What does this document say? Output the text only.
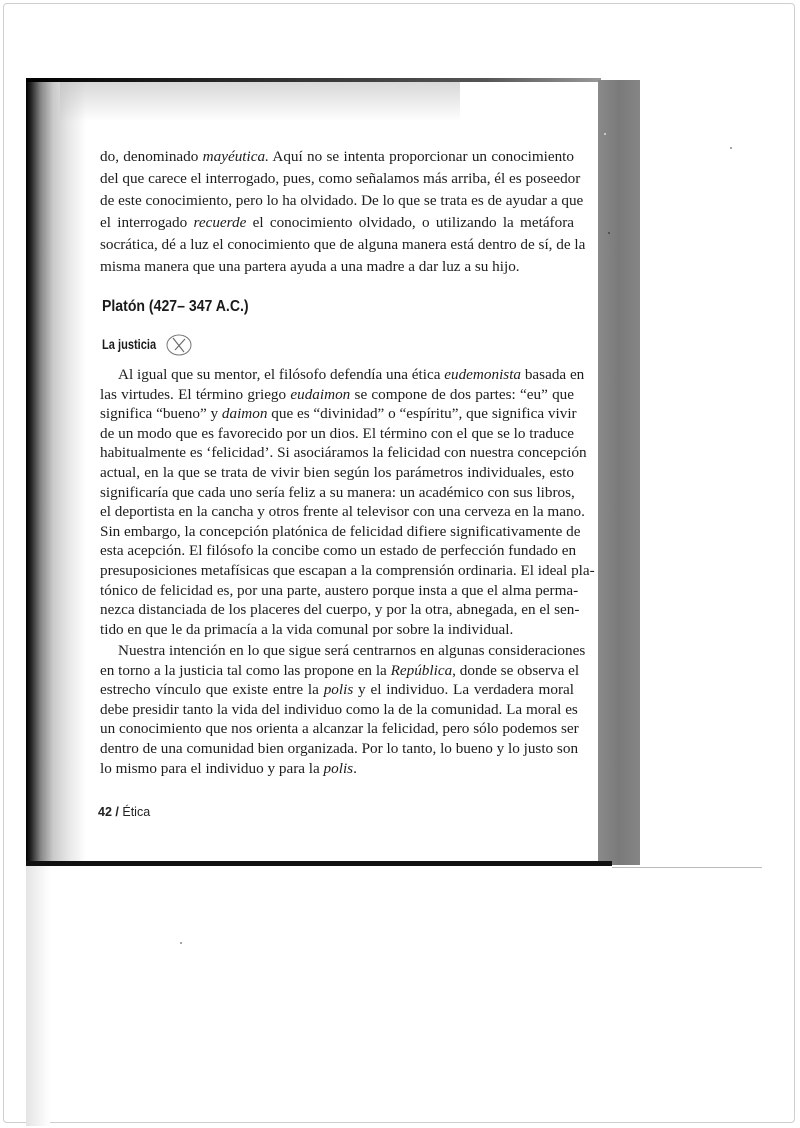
do, denominado mayéutica. Aquí no se intenta proporcionar un conocimiento
del que carece el interrogado, pues, como señalamos más arriba, él es poseedor
de este conocimiento, pero lo ha olvidado. De lo que se trata es de ayudar a que
el interrogado recuerde el conocimiento olvidado, o utilizando la metáfora
socrática, dé a luz el conocimiento que de alguna manera está dentro de sí, de la
misma manera que una partera ayuda a una madre a dar luz a su hijo.
Platón (427– 347 A.C.)
La justicia
Al igual que su mentor, el filósofo defendía una ética eudemonista basada en
las virtudes. El término griego eudaimon se compone de dos partes: “eu” que
significa “bueno” y daimon que es “divinidad” o “espíritu”, que significa vivir
de un modo que es favorecido por un dios. El término con el que se lo traduce
habitualmente es ‘felicidad’. Si asociáramos la felicidad con nuestra concepción
actual, en la que se trata de vivir bien según los parámetros individuales, esto
significaría que cada uno sería feliz a su manera: un académico con sus libros,
el deportista en la cancha y otros frente al televisor con una cerveza en la mano.
Sin embargo, la concepción platónica de felicidad difiere significativamente de
esta acepción. El filósofo la concibe como un estado de perfección fundado en
presuposiciones metafísicas que escapan a la comprensión ordinaria. El ideal pla-
tónico de felicidad es, por una parte, austero porque insta a que el alma perma-
nezca distanciada de los placeres del cuerpo, y por la otra, abnegada, en el sen-
tido en que le da primacía a la vida comunal por sobre la individual.
Nuestra intención en lo que sigue será centrarnos en algunas consideraciones
en torno a la justicia tal como las propone en la República, donde se observa el
estrecho vínculo que existe entre la polis y el individuo. La verdadera moral
debe presidir tanto la vida del individuo como la de la comunidad. La moral es
un conocimiento que nos orienta a alcanzar la felicidad, pero sólo podemos ser
dentro de una comunidad bien organizada. Por lo tanto, lo bueno y lo justo son
lo mismo para el individuo y para la polis.
42 / Ética
